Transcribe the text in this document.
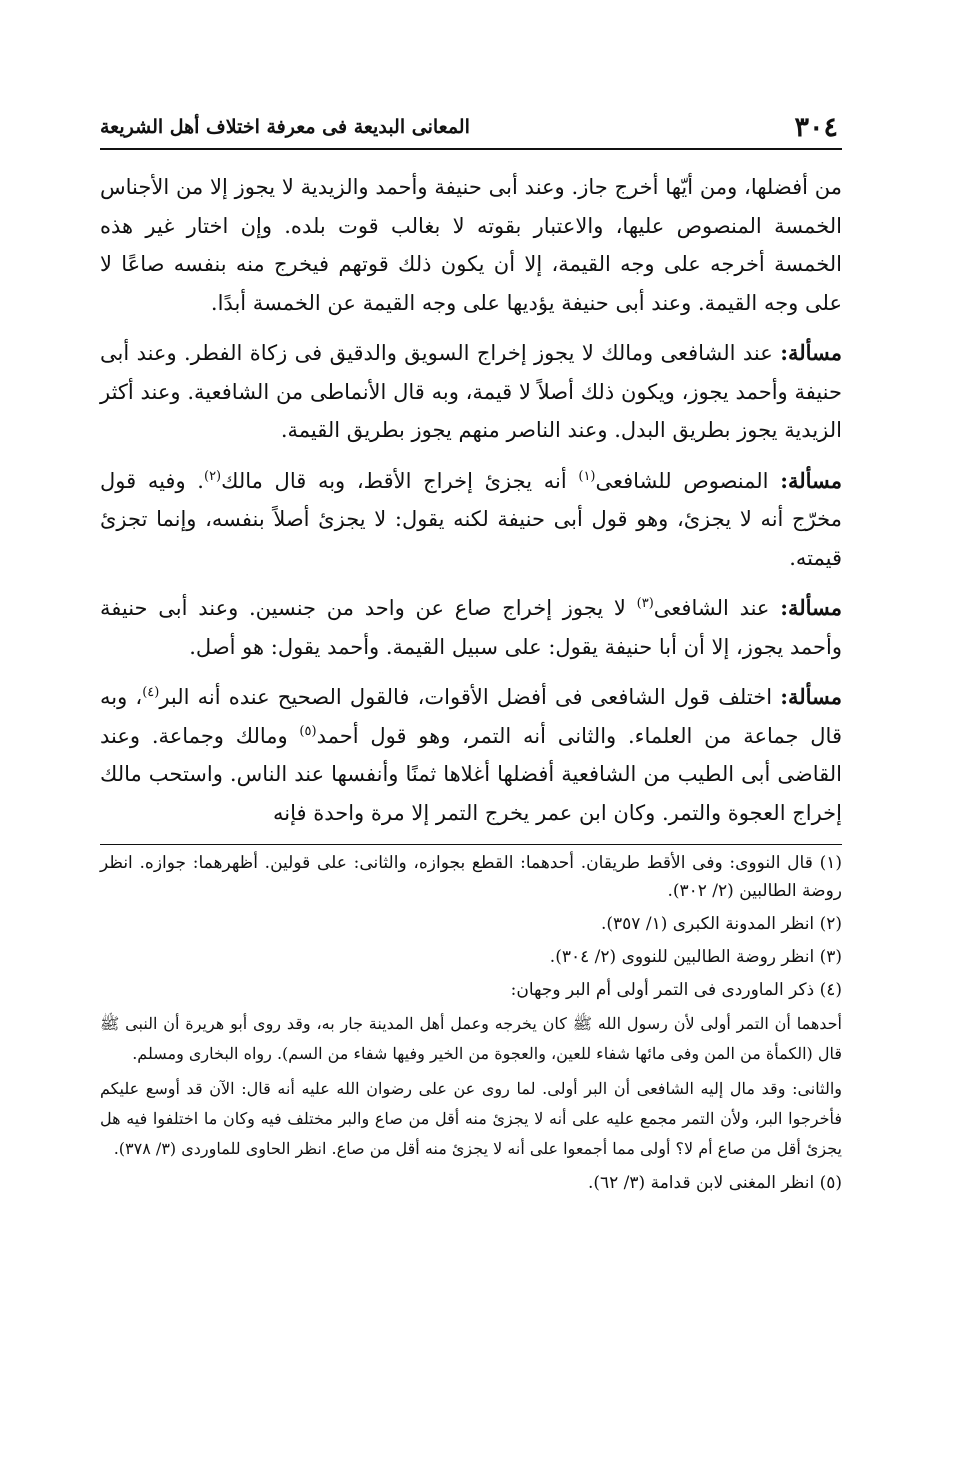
٣٠٤
المعانى البديعة فى معرفة اختلاف أهل الشريعة

من أفضلها، ومن أيّها أخرج جاز. وعند أبى حنيفة وأحمد والزيدية لا يجوز إلا من الأجناس الخمسة المنصوص عليها، والاعتبار بقوته لا بغالب قوت بلده. وإن اختار غير هذه الخمسة أخرجه على وجه القيمة، إلا أن يكون ذلك قوتهم فيخرج منه بنفسه صاعًا لا على وجه القيمة. وعند أبى حنيفة يؤديها على وجه القيمة عن الخمسة أبدًا.

مسألة: عند الشافعى ومالك لا يجوز إخراج السويق والدقيق فى زكاة الفطر. وعند أبى حنيفة وأحمد يجوز، ويكون ذلك أصلاً لا قيمة، وبه قال الأنماطى من الشافعية. وعند أكثر الزيدية يجوز بطريق البدل. وعند الناصر منهم يجوز بطريق القيمة.

مسألة: المنصوص للشافعى$^{(١)}$ أنه يجزئ إخراج الأقط، وبه قال مالك$^{(٢)}$. وفيه قول مخرّج أنه لا يجزئ، وهو قول أبى حنيفة لكنه يقول: لا يجزئ أصلاً بنفسه، وإنما تجزئ قيمته.

مسألة: عند الشافعى$^{(٣)}$ لا يجوز إخراج صاع عن واحد من جنسين. وعند أبى حنيفة وأحمد يجوز، إلا أن أبا حنيفة يقول: على سبيل القيمة. وأحمد يقول: هو أصل.

مسألة: اختلف قول الشافعى فى أفضل الأقوات، فالقول الصحيح عنده أنه البر$^{(٤)}$، وبه قال جماعة من العلماء. والثانى أنه التمر، وهو قول أحمد$^{(٥)}$ ومالك وجماعة. وعند القاضى أبى الطيب من الشافعية أفضلها أغلاها ثمنًا وأنفسها عند الناس. واستحب مالك إخراج العجوة والتمر. وكان ابن عمر يخرج التمر إلا مرة واحدة فإنه

(١) قال النووى: وفى الأقط طريقان. أحدهما: القطع بجوازه، والثانى: على قولين. أظهرهما: جوازه. انظر روضة الطالبين (٢/ ٣٠٢).
(٢) انظر المدونة الكبرى (١/ ٣٥٧).
(٣) انظر روضة الطالبين للنووى (٢/ ٣٠٤).
(٤) ذكر الماوردى فى التمر أولى أم البر وجهان:
أحدهما أن التمر أولى لأن رسول الله ﷺ كان يخرجه وعمل أهل المدينة جار به، وقد روى أبو هريرة أن النبى ﷺ قال (الكمأة من المن وفى مائها شفاء للعين، والعجوة من الخير وفيها شفاء من السم). رواه البخارى ومسلم.
والثانى: وقد مال إليه الشافعى أن البر أولى. لما روى عن على رضوان الله عليه أنه قال: الآن قد أوسع عليكم فأخرجوا البر، ولأن التمر مجمع عليه على أنه لا يجزئ منه أقل من صاع والبر مختلف فيه وكان ما اختلفوا فيه هل يجزئ أقل من صاع أم لا؟ أولى مما أجمعوا على أنه لا يجزئ منه أقل من صاع. انظر الحاوى للماوردى (٣/ ٣٧٨).
(٥) انظر المغنى لابن قدامة (٣/ ٦٢).
